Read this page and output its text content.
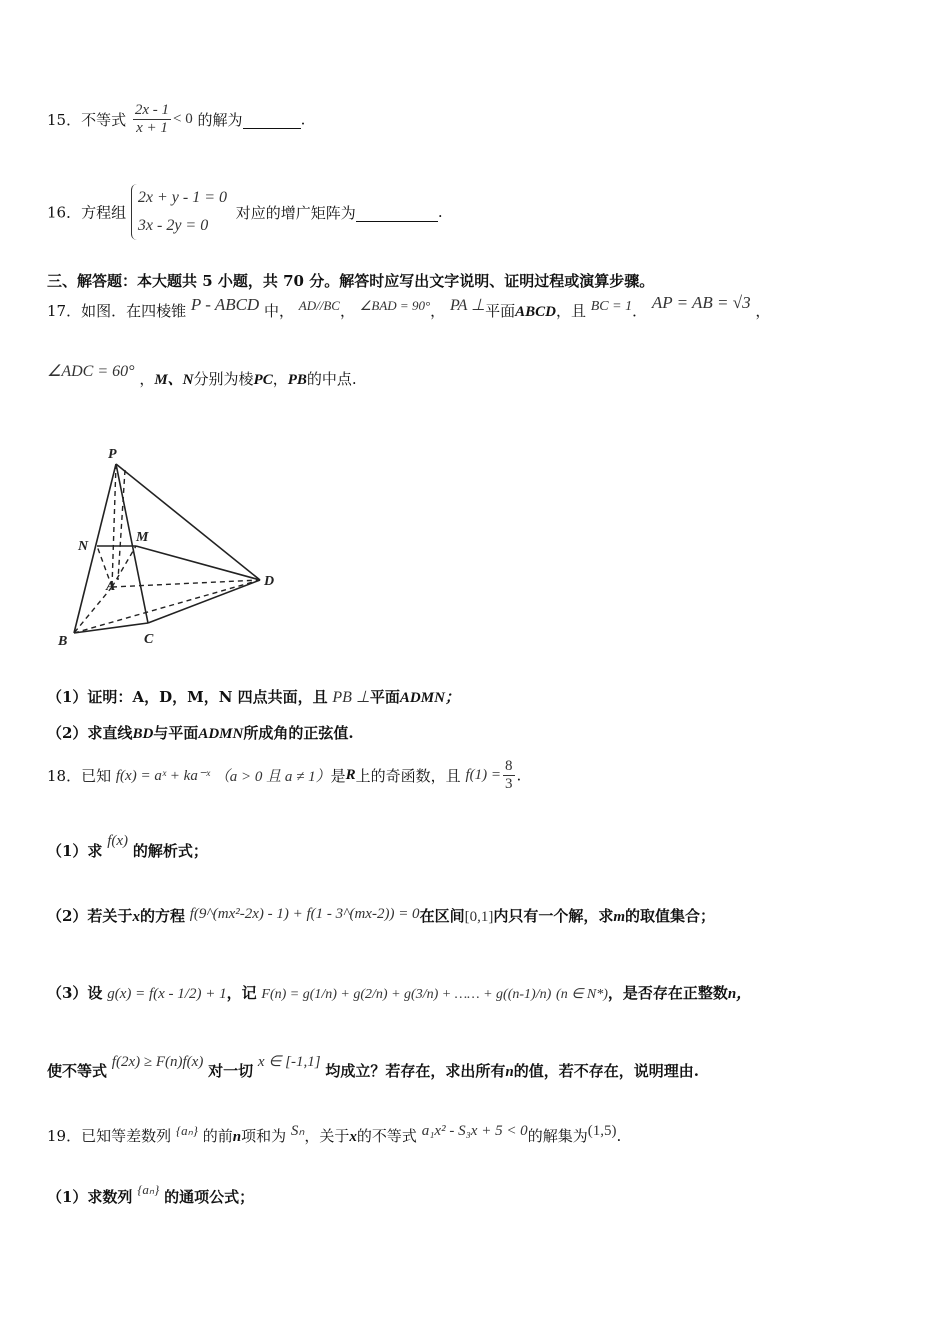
15．不等式 $\frac{2x - 1}{x + 1} < 0$ 的解为	.
16．方程组
2x + y - 1 = 0
3x - 2y = 0
对应的增广矩阵为	.
三、解答题：本大题共 5 小题，共 70 分。解答时应写出文字说明、证明过程或演算步骤。
17．如图．在四棱锥 P - ABCD 中， AD//BC， ∠BAD = 90°， PA ⊥平面ABCD，且 BC = 1． AP = AB = √3 ，
∠ADC = 60° ，M、N分别为棱PC，PB的中点.
P
N
M
A	D
B	C
（1）证明：A，D，M，N 四点共面，且 PB ⊥平面ADMN；
（2）求直线BD与平面ADMN所成角的正弦值.
18．已知 f(x) = aˣ + ka⁻ˣ （a > 0 且 a ≠ 1）是R上的奇函数，且 $f(1) = \frac{8}{3}$ .
（1）求 f(x) 的解析式；
（2）若关于x的方程 f(9^(mx²-2x) - 1) + f(1 - 3^(mx-2)) = 0在区间[0,1]内只有一个解，求m的取值集合；
（3）设 g(x) = f(x - 1/2) + 1，记 F(n) = g(1/n) + g(2/n) + g(3/n) + …… + g((n-1)/n) (n ∈ N*)，是否存在正整数n，
使不等式 f(2x) ≥ F(n)f(x) 对一切 x ∈ [-1,1] 均成立？若存在，求出所有n的值，若不存在，说明理由.
19．已知等差数列 {aₙ} 的前n项和为 Sₙ，关于x的不等式 a₁x² - S₃x + 5 < 0的解集为(1,5).
（1）求数列 {aₙ} 的通项公式；
